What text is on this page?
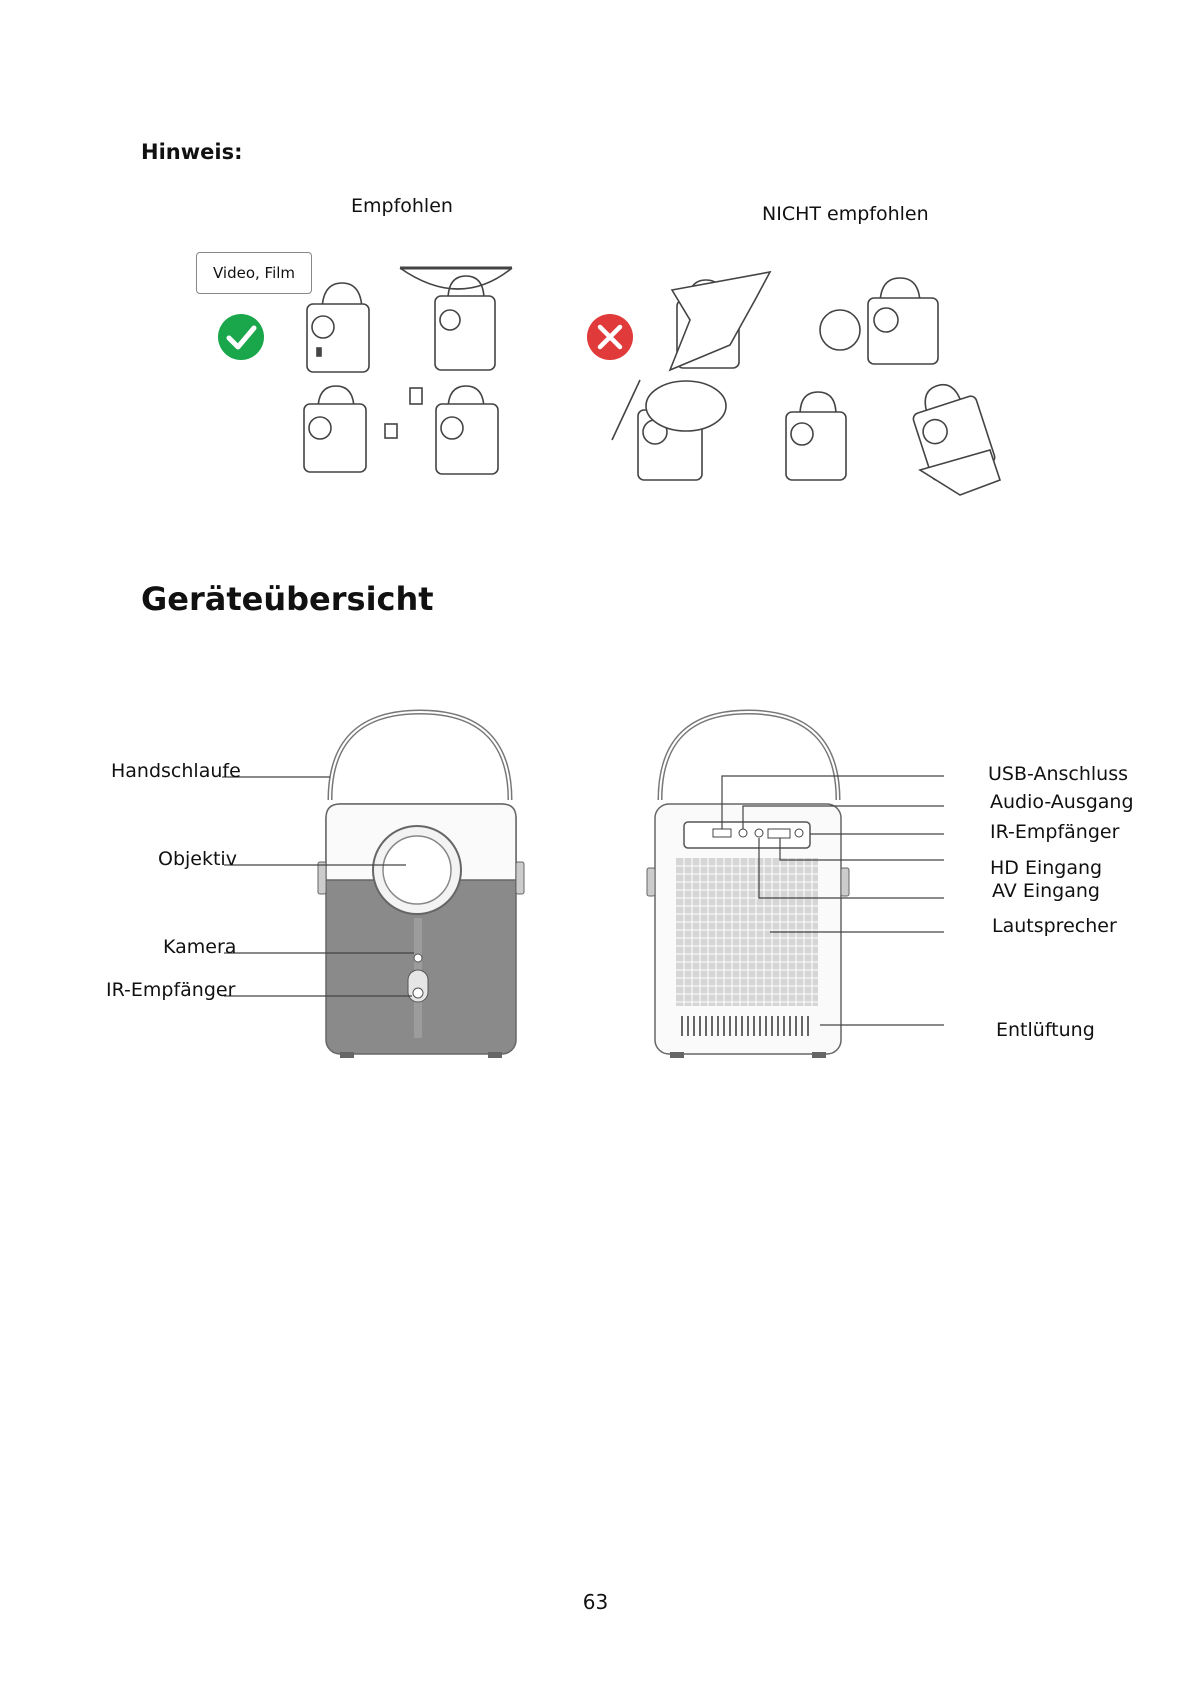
Hinweis:
Empfohlen	NICHT empfohlen
Video, Film
Geräteübersicht
Handschlaufe
Objektiv
Kamera
IR-Empfänger
USB-Anschluss
Audio-Ausgang
IR-Empfänger
HD Eingang
AV Eingang
Lautsprecher
Entlüftung
63
